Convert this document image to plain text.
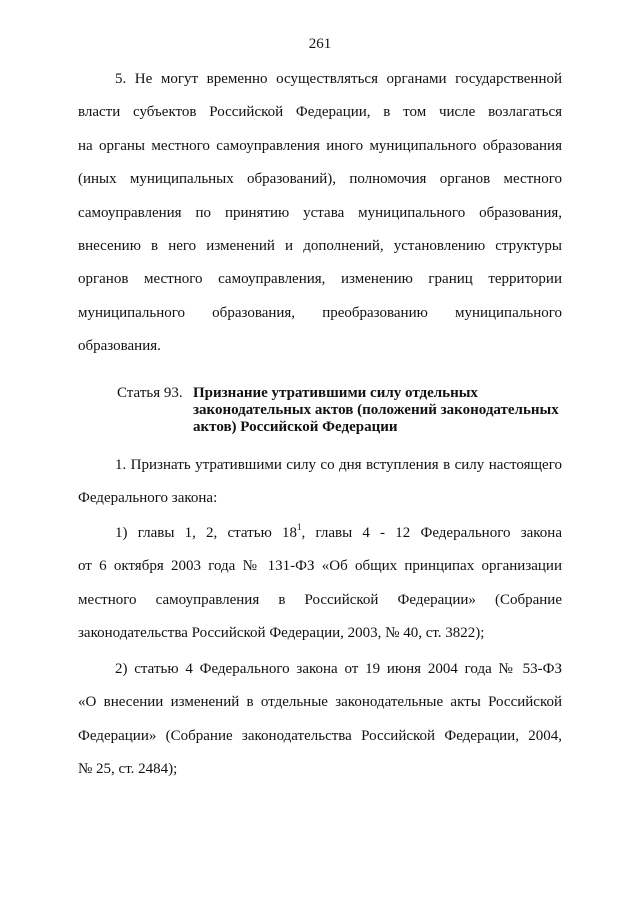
261
5. Не могут временно осуществляться органами государственной
власти субъектов Российской Федерации, в том числе возлагаться
на органы местного самоуправления иного муниципального образования
(иных муниципальных образований), полномочия органов местного
самоуправления по принятию устава муниципального образования,
внесению в него изменений и дополнений, установлению структуры
органов местного самоуправления, изменению границ территории
муниципального образования, преобразованию муниципального
образования.
Статья 93. Признание утратившими силу отдельных
законодательных актов (положений законодательных
актов) Российской Федерации
1. Признать утратившими силу со дня вступления в силу настоящего
Федерального закона:
1) главы 1, 2, статью $18^1$, главы 4 - 12 Федерального закона
от 6 октября 2003 года № 131-ФЗ «Об общих принципах организации
местного самоуправления в Российской Федерации» (Собрание
законодательства Российской Федерации, 2003, № 40, ст. 3822);
2) статью 4 Федерального закона от 19 июня 2004 года № 53-ФЗ
«О внесении изменений в отдельные законодательные акты Российской
Федерации» (Собрание законодательства Российской Федерации, 2004,
№ 25, ст. 2484);
